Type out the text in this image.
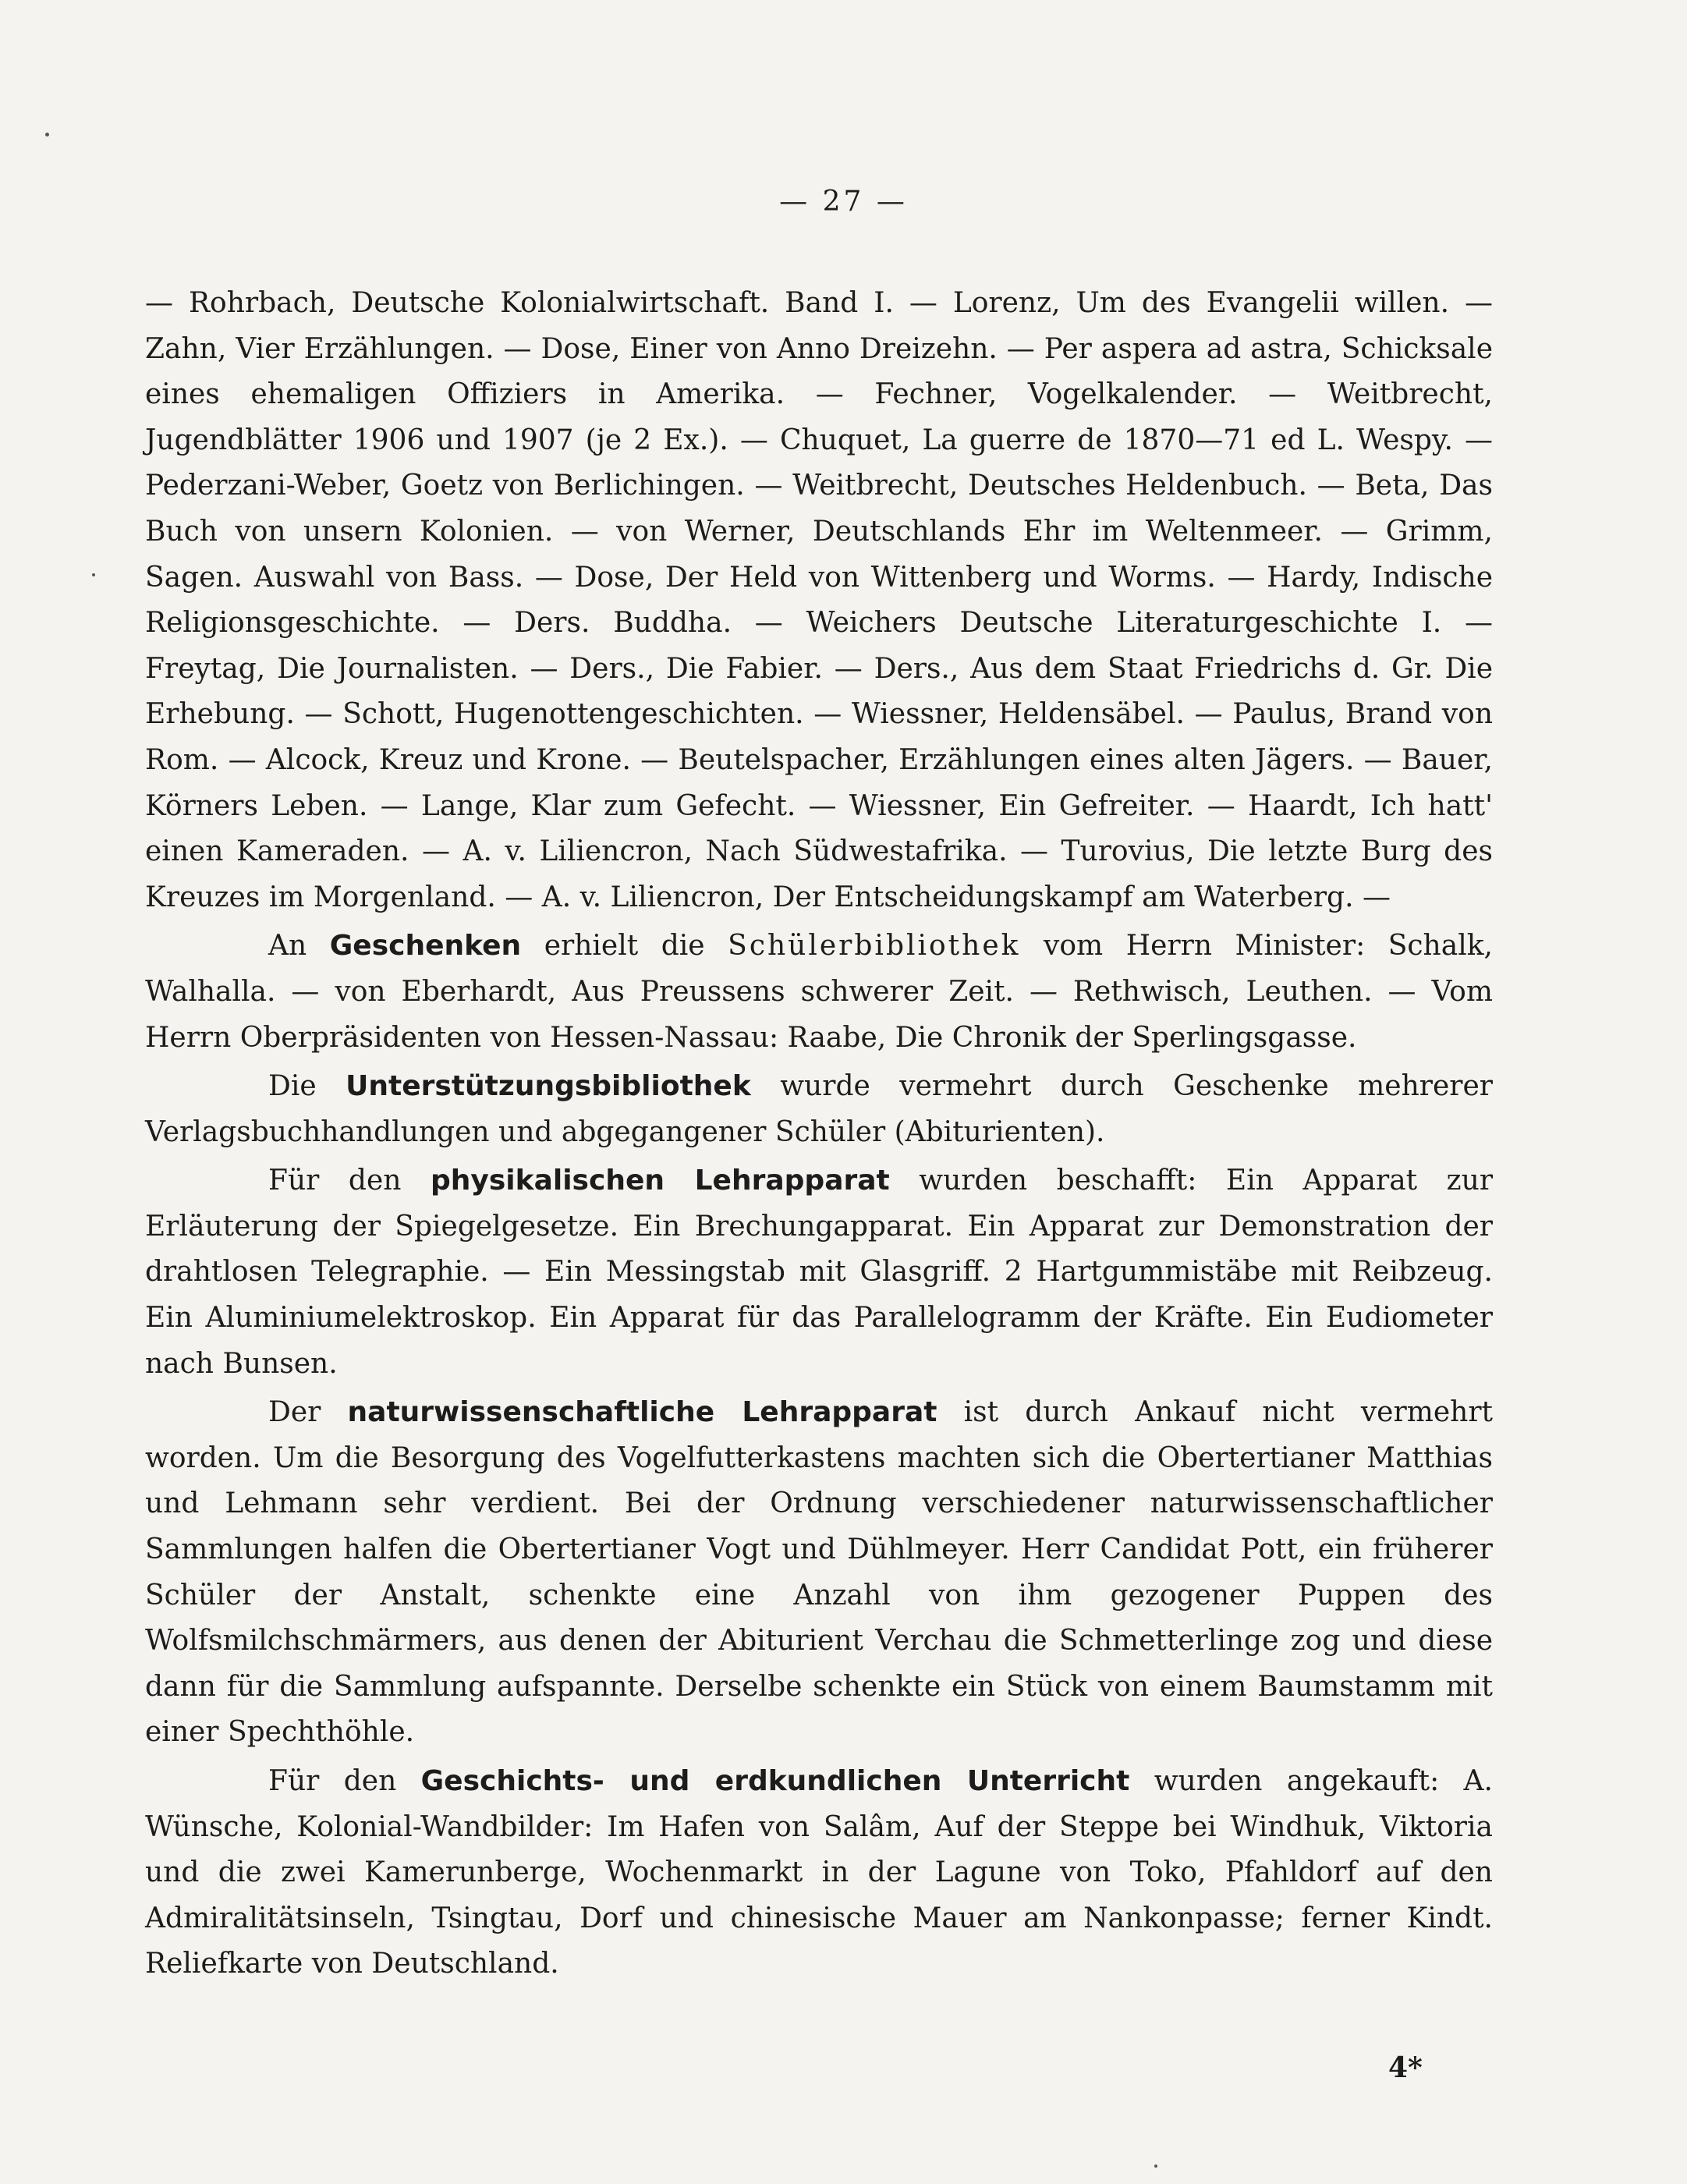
— 27 —

— Rohrbach, Deutsche Kolonialwirtschaft. Band I. — Lorenz, Um des Evangelii willen. — Zahn, Vier Erzählungen. — Dose, Einer von Anno Dreizehn. — Per aspera ad astra, Schicksale eines ehemaligen Offiziers in Amerika. — Fechner, Vogelkalender. — Weitbrecht, Jugendblätter 1906 und 1907 (je 2 Ex.). — Chuquet, La guerre de 1870—71 ed L. Wespy. — Pederzani-Weber, Goetz von Berlichingen. — Weitbrecht, Deutsches Heldenbuch. — Beta, Das Buch von unsern Kolonien. — von Werner, Deutschlands Ehr im Weltenmeer. — Grimm, Sagen. Auswahl von Bass. — Dose, Der Held von Wittenberg und Worms. — Hardy, Indische Religionsgeschichte. — Ders. Buddha. — Weichers Deutsche Literaturgeschichte I. — Freytag, Die Journalisten. — Ders., Die Fabier. — Ders., Aus dem Staat Friedrichs d. Gr. Die Erhebung. — Schott, Hugenottengeschichten. — Wiessner, Heldensäbel. — Paulus, Brand von Rom. — Alcock, Kreuz und Krone. — Beutelspacher, Erzählungen eines alten Jägers. — Bauer, Körners Leben. — Lange, Klar zum Gefecht. — Wiessner, Ein Gefreiter. — Haardt, Ich hatt' einen Kameraden. — A. v. Liliencron, Nach Südwestafrika. — Turovius, Die letzte Burg des Kreuzes im Morgenland. — A. v. Liliencron, Der Entscheidungskampf am Waterberg. —

An Geschenken erhielt die Schülerbibliothek vom Herrn Minister: Schalk, Walhalla. — von Eberhardt, Aus Preussens schwerer Zeit. — Rethwisch, Leuthen. — Vom Herrn Oberpräsidenten von Hessen-Nassau: Raabe, Die Chronik der Sperlingsgasse.

Die Unterstützungsbibliothek wurde vermehrt durch Geschenke mehrerer Verlagsbuchhandlungen und abgegangener Schüler (Abiturienten).

Für den physikalischen Lehrapparat wurden beschafft: Ein Apparat zur Erläuterung der Spiegelgesetze. Ein Brechungapparat. Ein Apparat zur Demonstration der drahtlosen Telegraphie. — Ein Messingstab mit Glasgriff. 2 Hartgummistäbe mit Reibzeug. Ein Aluminiumelektroskop. Ein Apparat für das Parallelogramm der Kräfte. Ein Eudiometer nach Bunsen.

Der naturwissenschaftliche Lehrapparat ist durch Ankauf nicht vermehrt worden. Um die Besorgung des Vogelfutterkastens machten sich die Obertertianer Matthias und Lehmann sehr verdient. Bei der Ordnung verschiedener naturwissenschaftlicher Sammlungen halfen die Obertertianer Vogt und Dühlmeyer. Herr Candidat Pott, ein früherer Schüler der Anstalt, schenkte eine Anzahl von ihm gezogener Puppen des Wolfsmilchschmärmers, aus denen der Abiturient Verchau die Schmetterlinge zog und diese dann für die Sammlung aufspannte. Derselbe schenkte ein Stück von einem Baumstamm mit einer Spechthöhle.

Für den Geschichts- und erdkundlichen Unterricht wurden angekauft: A. Wünsche, Kolonial-Wandbilder: Im Hafen von Salâm, Auf der Steppe bei Windhuk, Viktoria und die zwei Kamerunberge, Wochenmarkt in der Lagune von Toko, Pfahldorf auf den Admiralitätsinseln, Tsingtau, Dorf und chinesische Mauer am Nankonpasse; ferner Kindt. Reliefkarte von Deutschland.

4*
